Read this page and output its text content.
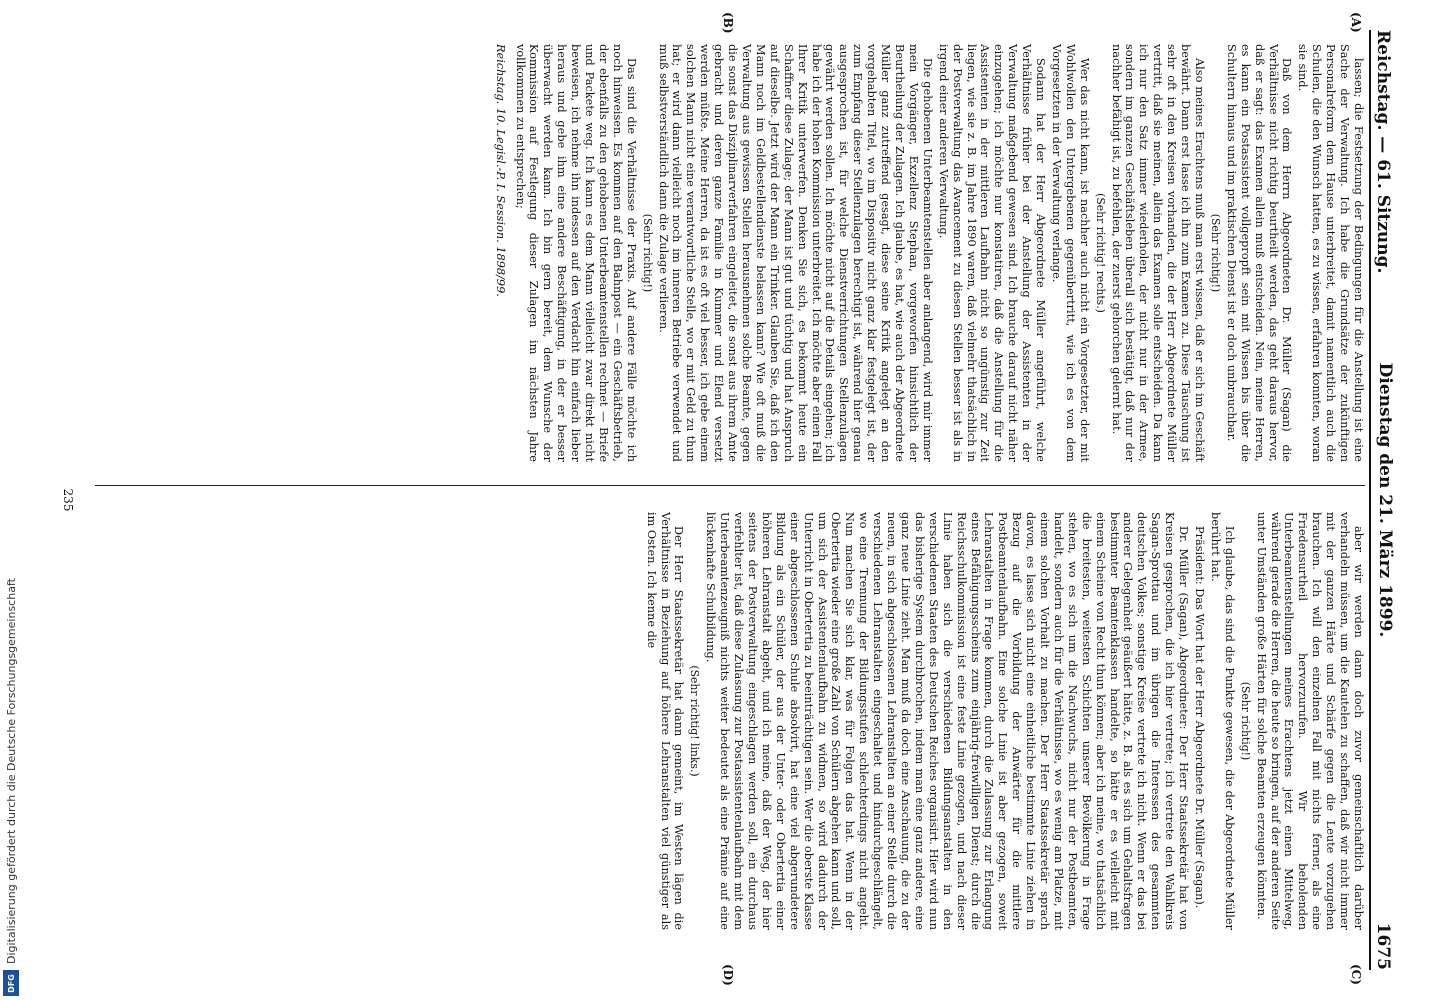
Digitalisierung gefördert durch die Deutsche Forschungsgemeinschaft
DFG
Reichstag. — 61. Sitzung.
Dienstag den 21. März 1899.
1675
(A)
(B)
(C)
(D)

lassen; die Festsetzung der Bedingungen für die Anstellung ist eine Sache der Verwaltung. Ich habe die Grundsätze der zukünftigen Personalreform dem Hause unterbreitet, damit namentlich auch die Schulen, die den Wunsch hatten, es zu wissen, erfahren konnten, woran sie sind.

Daß von dem Herrn Abgeordneten Dr. Müller (Sagan) die Verhältnisse nicht richtig beurtheilt werden, das geht daraus hervor, daß er sagt: das Examen allein muß entscheiden. Nein, meine Herren, es kann ein Postassistent vollgepropft sein mit Wissen bis über die Schultern hinaus und im praktischen Dienst ist er doch unbrauchbar.

(Sehr richtig!)

Also meines Erachtens muß man erst wissen, daß er sich im Geschäft bewährt. Dann erst lasse ich ihn zum Examen zu. Diese Täuschung ist sehr oft in den Kreisen vorhanden, die der Herr Abgeordnete Müller vertritt, daß sie meinen, allein das Examen solle entscheiden. Da kann ich nur den Satz immer wiederholen, der nicht nur in der Armee, sondern im ganzen Geschäftsleben überall sich bestätigt, daß nur der nachher befähigt ist, zu befehlen, der zuerst gehorchen gelernt hat.

(Sehr richtig! rechts.)

Wer das nicht kann, ist nachher auch nicht ein Vorgesetzter, der mit Wohlwollen den Untergebenen gegenübertritt, wie ich es von dem Vorgesetzten in der Verwaltung verlange.

Sodann hat der Herr Abgeordnete Müller angeführt, welche Verhältnisse früher bei der Anstellung der Assistenten in der Verwaltung maßgebend gewesen sind. Ich brauche darauf nicht näher einzugehen; ich möchte nur konstatiren, daß die Anstellung für die Assistenten in der mittleren Laufbahn nicht so ungünstig zur Zeit liegen, wie sie z. B. im Jahre 1890 waren, daß vielmehr thatsächlich in der Postverwaltung das Avancement zu diesen Stellen besser ist als in irgend einer anderen Verwaltung.

Die gehobenen Unterbeamtenstellen aber anlangend, wird mir immer mein Vorgänger, Exzellenz Stephan, vorgeworfen hinsichtlich der Beurtheilung der Zulagen. Ich glaube, es hat, wie auch der Abgeordnete Müller ganz zutreffend gesagt, diese seine Kritik angelegt an den vorgehabten Titel, wo im Dispositiv nicht ganz klar festgelegt ist, der zum Empfang dieser Stellenzulagen berechtigt ist, während hier genau ausgesprochen ist, für welche Dienstverrichtungen Stellenzulagen gewährt werden sollen. Ich möchte nicht auf die Details eingehen; ich habe ich der hohen Kommission unterbreitet. Ich möchte aber einen Fall Ihrer Kritik unterwerfen. Denken Sie sich, es bekommt heute ein Schaffner diese Zulage; der Mann ist gut und tüchtig und hat Anspruch auf dieselbe. Jetzt wird der Mann ein Trinker. Glauben Sie, daß ich den Mann noch im Geldbestellendienste belassen kann? Wie oft muß die Verwaltung aus gewissen Stellen herausnehmen solche Beamte, gegen die sonst das Disziplinarverfahren eingeleitet, die sonst aus ihrem Amte gebracht und deren ganze Familie in Kummer und Elend versetzt werden müßte. Meine Herren, da ist es oft viel besser, ich gebe einem solchen Mann nicht eine verantwortliche Stelle, wo er mit Geld zu thun hat; er wird dann vielleicht noch im inneren Betriebe verwendet und muß selbstverständlich dann die Zulage verlieren.

(Sehr richtig!)

Das sind die Verhältnisse der Praxis. Auf andere Fälle möchte ich noch hinweisen. Es kommen auf den Bahnpost — ein Geschäftsbetrieb, der ebenfalls zu den gehobenen Unterbeamtenstellen rechnet — Briefe und Packete weg. Ich kann es dem Mann vielleicht zwar direkt nicht beweisen, ich nehme ihn indessen auf den Verdacht hin einfach lieber heraus und gebe ihm eine andere Beschäftigung, in der er besser überwacht werden kann. Ich bin gern bereit, dem Wunsche der Kommission auf Festlegung dieser Zulagen im nächsten Jahre vollkommen zu entsprechen;

Reichstag. 10. Legisl.-P. I. Session. 1898/99.

aber wir werden dann doch zuvor gemeinschaftlich darüber verhandeln müssen, um die Kautelen zu schaffen, daß wir nicht immer mit der ganzen Härte und Schärfe gegen die Leute vorzugehen brauchen. Ich will den einzelnen Fall mit nichts ferner, als eine Friedensurtheil hervorzurufen. Wir beholenden Unterbeamtenstellungen meines Erachtens jetzt einen Mittelweg, während gerade die Herren, die heute so bringen, auf der anderen Seite unter Umständen große Härten für solche Beamten erzeugen könnten.

(Sehr richtig!)

Ich glaube, das sind die Punkte gewesen, die der Abgeordnete Müller berührt hat.

Präsident: Das Wort hat der Herr Abgeordnete Dr. Müller (Sagan).

Dr. Müller (Sagan), Abgeordneter: Der Herr Staatssekretär hat von Kreisen gesprochen, die ich hier vertrete; ich vertrete den Wahlkreis Sagan-Sprottau und im übrigen die Interessen des gesammten deutschen Volkes; sonstige Kreise vertrete ich nicht. Wenn er das bei anderer Gelegenheit geäußert hätte, z. B. als es sich um Gehaltsfragen bestimmter Beamtenklassen handelte, so hätte er es vielleicht mit einem Scheine von Recht thun können; aber ich meine, wo thatsächlich die breitesten, weitesten Schichten unserer Bevölkerung in Frage stehen, wo es sich um die Nachwuchs, nicht nur der Postbeamten, handelt, sondern auch für die Verhältnisse, wo es wenig am Platze, mit einem solchen Vorhalt zu machen. Der Herr Staatssekretär sprach davon, es lasse sich nicht eine einheitliche bestimmte Linie ziehen in Bezug auf die Vorbildung der Anwärter für die mittlere Postbeamtenlaufbahn. Eine solche Linie ist aber gezogen, soweit Lehranstalten in Frage kommen, durch die Zulassung zur Erlangung eines Befähigungsscheins zum einjährig-freiwilligen Dienst; durch die Reichsschulkommission ist eine feste Linie gezogen, und nach dieser Linie haben sich die verschiedenen Bildungsanstalten in den verschiedenen Staaten des Deutschen Reiches organisirt. Hier wird nun das bisherige System durchbrochen, indem man eine ganz andere, eine ganz neue Linie zieht. Man muß da doch eine Anschauung, die zu der neuen, in sich abgeschlossenen Lehranstalten an einer Stelle durch die verschiedenen Lehranstalten eingeschaltet und hindurchgeschlängelt, wo eine Trennung der Bildungsstufen schlechterdings nicht angeht. Nun machen Sie sich klar, was für Folgen das hat. Wenn in der Obertertia wieder eine große Zahl von Schülern abgehen kann und soll, um sich der Assistentenlaufbahn zu widmen, so wird dadurch der Unterricht in Obertertia zu beeinträchtigen sein. Wer die oberste Klasse einer abgeschlossenen Schule absolvirt, hat eine viel abgerundetere Bildung als ein Schüler, der aus der Unter- oder Obertertia einer höheren Lehranstalt abgeht, und ich meine, daß der Weg, der hier seitens der Postverwaltung eingeschlagen werden soll, ein durchaus verfehlter ist, daß diese Zulassung zur Postassistentenlaufbahn mit dem Unterbeamtenzeugniß nichts weiter bedeutet als eine Prämie auf eine lückenhafte Schulbildung.

(Sehr richtig! links.)

Der Herr Staatssekretär hat dann gemeint, im Westen lägen die Verhältnisse in Beziehung auf höhere Lehranstalten viel günstiger als im Osten. Ich kenne die

235
